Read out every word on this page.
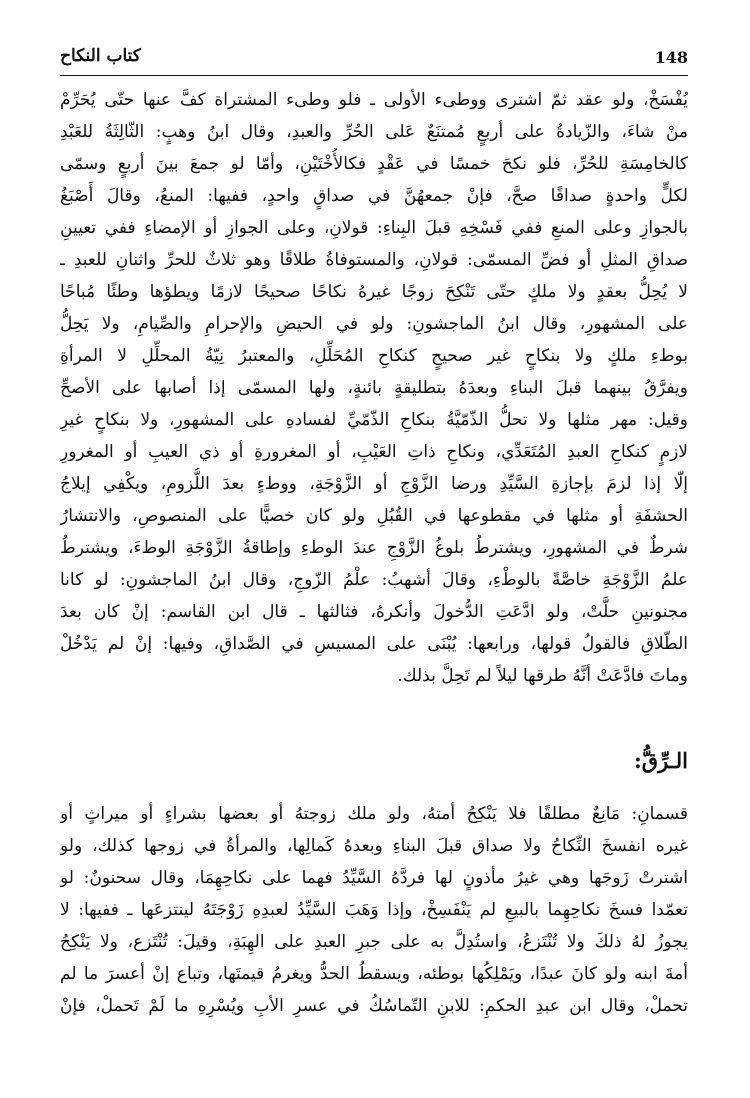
كتاب النكاح	148
يُفْسَخْ، ولو عقد ثمّ اشترى ووطىء الأولى ـ فلو وطىء المشتراة كفَّ عنها حتّى يُحَرِّمْ
منْ شاءَ، والزّيادةُ على أربعٍ مُمتنَعٌ عَلى الحُرِّ والعبدِ، وقال ابنُ وهبٍ: الثّالِثَةُ للعَبْدِ
كالخامِسَةِ للحُرِّ، فلو نكحَ خمسًا في عَقْدٍ فكالأُخْتَيْنِ، وأمّا لو جمعَ بينَ أربعٍ وسمّى
لكلٍّ واحدةٍ صداقًا صحَّ، فإنْ جمعهُنَّ في صداقٍ واحدٍ، ففيها: المنعُ، وقالَ أَصْبَغُ
بالجوازِ وعلى المنعِ ففي فَسْخِهِ قبلَ البِناءِ: قولانِ، وعلى الجوازِ أو الإمضاءِ ففي تعيينِ
صداقِ المثلِ أو فضِّ المسمّى: قولانِ، والمستوفاةُ طلاقًا وهو ثلاثٌ للحرِّ واثنانِ للعبدِ ـ
لا يُحِلُّ بعقدٍ ولا ملكٍ حتّى تَنْكِحَ زوجًا غيرهُ نكاحًا صحيحًا لازمًا ويطؤها وطئًا مُباحًا
على المشهورِ، وقال ابنُ الماجشونِ: ولو في الحيضِ والإحرامِ والصِّيامِ، ولا يَحِلُّ
بوطءِ ملكٍ ولا بنكاحٍ غير صحيحٍ كنكاحِ المُحَلِّلِ، والمعتبرُ نِيّةُ المحلِّلِ لا المرأةِ
ويفرَّقُ بينهما قبلَ البناءِ وبعدَهُ بتطليقةٍ بائنةٍ، ولها المسمّى إذا أصابها على الأصحِّ
وقيل: مهر مثلها ولا تحلُّ الذّمّيَّةُ بنكاحِ الذّمّيِّ لفسادهِ على المشهورِ، ولا بنكاحٍ غيرِ
لازمٍ كنكاحِ العبدِ المُتَعَدِّي، ونكاحِ ذاتِ العَيْبِ، أو المغرورةِ أو ذي العيبِ أو المغرورِ
إلّا إذا لزمَ بإجازةِ السَّيِّدِ ورضا الزَّوْجِ أو الزَّوْجَةِ، ووطءٍ بعدَ اللُّزومِ، ويكْفِي إيلاجُ
الحشفَةِ أو مثلها في مقطوعها في القُبُلِ ولو كان خصيًّا على المنصوصِ، والانتشارُ
شرطٌ في المشهورِ، ويشترطُ بلوغُ الزَّوْجِ عندَ الوطءِ وإطاقةُ الزَّوْجَةِ الوطءَ، ويشترطُ
علمُ الزَّوْجَةِ خاصَّةً بالوطْءِ، وقالَ أشهبُ: علْمُ الزّوجِ، وقال ابنُ الماجشونِ: لو كانا
مجنونينِ حلَّتْ، ولو ادَّعَتِ الدُّخولَ وأنكرهُ، فثالثها ـ قال ابن القاسم: إنْ كان بعدَ
الطّلاقِ فالقولُ قولها، ورابعها: يُبْنَى على المسيسِ في الصَّداقِ، وفيها: إنْ لم يَدْخُلْ
وماتَ فادَّعَتْ أنَّهُ طرقها ليلاً لم تَحِلَّ بذلك.
الـرِّقُّ:
قسمانِ: مَانِعٌ مطلقًا فلا يَنْكِحُ أمتهُ، ولو ملك زوجتهُ أو بعضها بشراءٍ أو ميراثٍ أو
غيره انفسخَ النِّكاحُ ولا صداق قبلَ البناءِ وبعدهُ كَمالِها، والمرأةُ في زوجها كذلك، ولو
اشترتْ زَوجَها وهي غيرُ مأذونٍ لها فردَّهُ السَّيِّدُ فهما على نكاحِهِمَا، وقال سحنونٌ: لو
تعمّدا فسخَ نكاحِهِما بالبيعِ لم يَنْفَسِخْ، وإذا وَهَبَ السَّيِّدُ لعبدِهِ زَوْجَتَهُ لينتزعَها ـ ففيها: لا
يجوزُ لهُ ذلكَ ولا تُنْتَزعُ، واستُدِلَّ به على جبرِ العبدِ على الهِبَةِ، وقيلَ: تُنْتَزع، ولا يَنْكِحُ
أمةَ ابنه ولو كانَ عبدًا، ويَمْلِكُها بوطئه، ويسقطُ الحدُّ ويغرمُ قيمتَها، وتباع إنْ أعسرَ ما لم
تحملْ، وقال ابن عبدِ الحكمِ: للابنِ التّماسُكُ في عسرِ الأبِ ويُسْرِهِ ما لَمْ تَحملْ، فإنْ
